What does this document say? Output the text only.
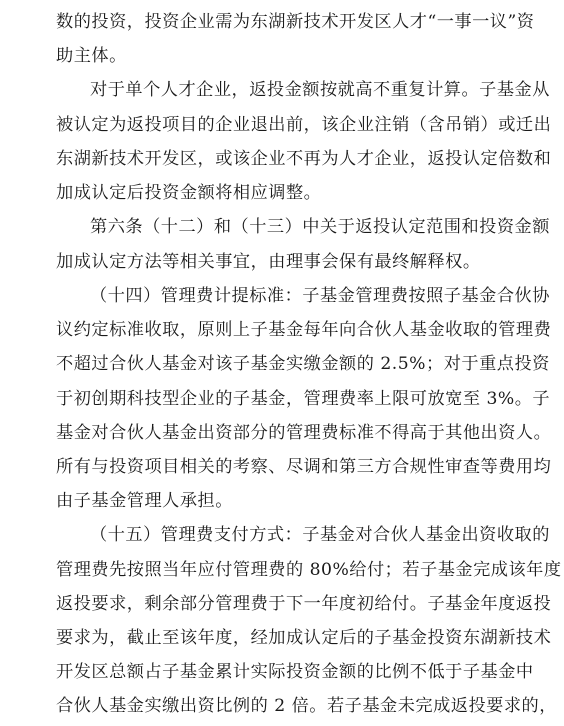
数的投资，投资企业需为东湖新技术开发区人才“一事一议”资
助主体。
对于单个人才企业，返投金额按就高不重复计算。子基金从
被认定为返投项目的企业退出前，该企业注销（含吊销）或迁出
东湖新技术开发区，或该企业不再为人才企业，返投认定倍数和
加成认定后投资金额将相应调整。
第六条（十二）和（十三）中关于返投认定范围和投资金额
加成认定方法等相关事宜，由理事会保有最终解释权。
（十四）管理费计提标准：子基金管理费按照子基金合伙协
议约定标准收取，原则上子基金每年向合伙人基金收取的管理费
不超过合伙人基金对该子基金实缴金额的 2.5%；对于重点投资
于初创期科技型企业的子基金，管理费率上限可放宽至 3%。子
基金对合伙人基金出资部分的管理费标准不得高于其他出资人。
所有与投资项目相关的考察、尽调和第三方合规性审查等费用均
由子基金管理人承担。
（十五）管理费支付方式：子基金对合伙人基金出资收取的
管理费先按照当年应付管理费的 80%给付；若子基金完成该年度
返投要求，剩余部分管理费于下一年度初给付。子基金年度返投
要求为，截止至该年度，经加成认定后的子基金投资东湖新技术
开发区总额占子基金累计实际投资金额的比例不低于子基金中
合伙人基金实缴出资比例的 2 倍。若子基金未完成返投要求的，
